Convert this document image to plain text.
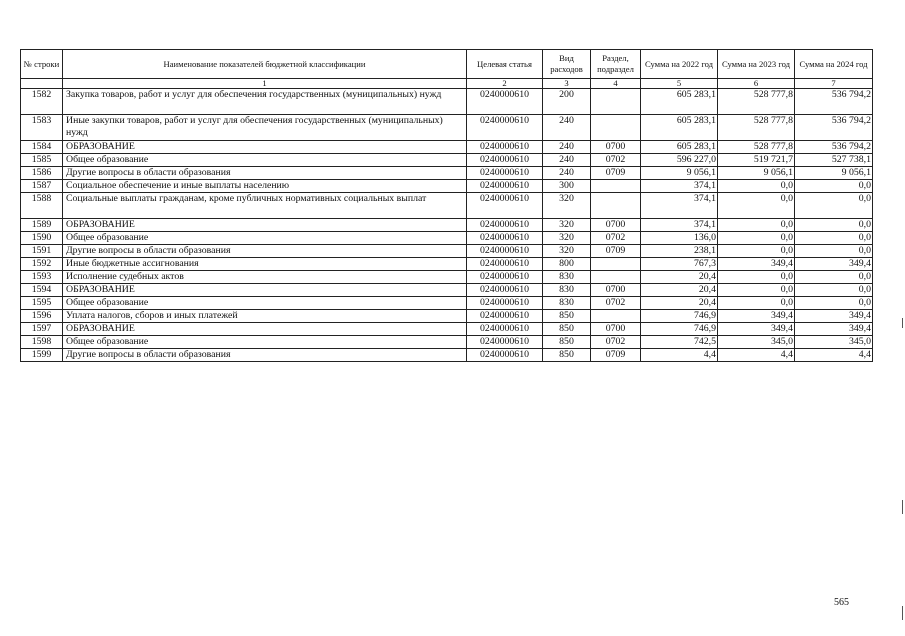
№ строки	Наименование показателей бюджетной классификации	Целевая статья	Вид расходов	Раздел, подраздел	Сумма на 2022 год	Сумма на 2023 год	Сумма на 2024 год
	1	2	3	4	5	6	7
1582	Закупка товаров, работ и услуг для обеспечения государственных (муниципальных) нужд	0240000610	200		605 283,1	528 777,8	536 794,2
1583	Иные закупки товаров, работ и услуг для обеспечения государственных (муниципальных) нужд	0240000610	240		605 283,1	528 777,8	536 794,2
1584	ОБРАЗОВАНИЕ	0240000610	240	0700	605 283,1	528 777,8	536 794,2
1585	Общее образование	0240000610	240	0702	596 227,0	519 721,7	527 738,1
1586	Другие вопросы в области образования	0240000610	240	0709	9 056,1	9 056,1	9 056,1
1587	Социальное обеспечение и иные выплаты населению	0240000610	300		374,1	0,0	0,0
1588	Социальные выплаты гражданам, кроме публичных нормативных социальных выплат	0240000610	320		374,1	0,0	0,0
1589	ОБРАЗОВАНИЕ	0240000610	320	0700	374,1	0,0	0,0
1590	Общее образование	0240000610	320	0702	136,0	0,0	0,0
1591	Другие вопросы в области образования	0240000610	320	0709	238,1	0,0	0,0
1592	Иные бюджетные ассигнования	0240000610	800		767,3	349,4	349,4
1593	Исполнение судебных актов	0240000610	830		20,4	0,0	0,0
1594	ОБРАЗОВАНИЕ	0240000610	830	0700	20,4	0,0	0,0
1595	Общее образование	0240000610	830	0702	20,4	0,0	0,0
1596	Уплата налогов, сборов и иных платежей	0240000610	850		746,9	349,4	349,4
1597	ОБРАЗОВАНИЕ	0240000610	850	0700	746,9	349,4	349,4
1598	Общее образование	0240000610	850	0702	742,5	345,0	345,0
1599	Другие вопросы в области образования	0240000610	850	0709	4,4	4,4	4,4
565
